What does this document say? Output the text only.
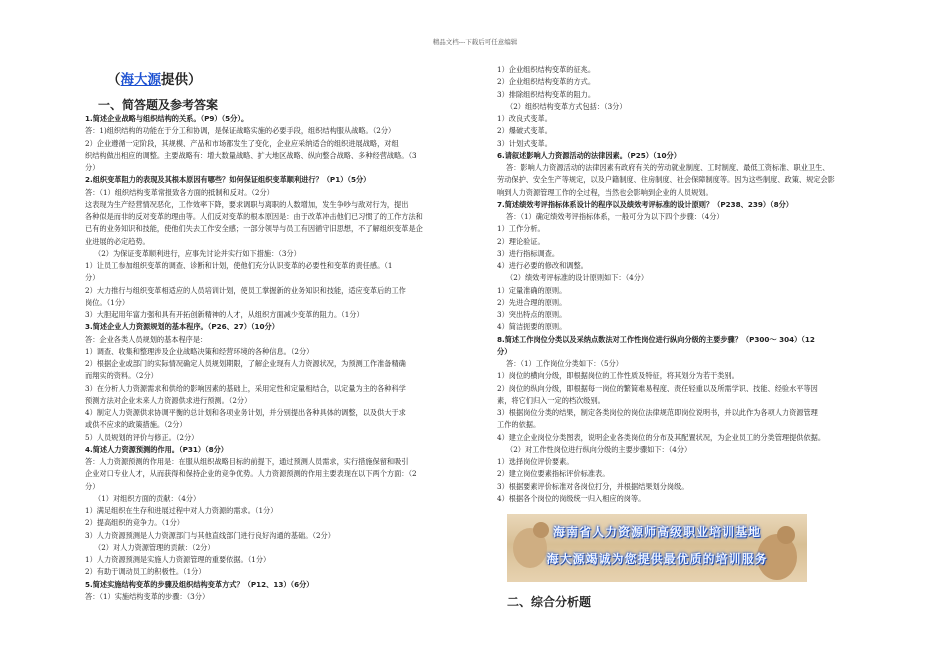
精品文档---下载后可任意编辑
（海大源提供）
一、简答题及参考答案
1.简述企业战略与组织结构的关系。（P9）（5分）。
答：1)组织结构的功能在于分工和协调，是保证战略实施的必要手段，组织结构服从战略。（2分）
2）企业遵循一定阶段，其规模、产品和市场都发生了变化，企业应采纳适合的组织进展战略，对组
织结构做出相应的调整。主要战略有：增大数量战略、扩大地区战略、纵向整合战略、多种经营战略。（3
分）
2.组织变革阻力的表现及其根本原因有哪些？如何保证组织变革顺利进行？（P1）（5分）
答：（1）组织结构变革常报致各方面的抵制和反对。（2分）
这表现为生产经营情况恶化，工作效率下降，要求调职与离职的人数增加，发生争吵与敌对行为，提出
各种似是而非的反对变革的理由等。人们反对变革的根本原因是：由于改革冲击他们已习惯了的工作方法和
已有的业务知识和技能，使他们失去工作安全感；一部分领导与员工有因循守旧思想，不了解组织变革是企
业进展的必定趋势。
（2）为保证变革顺利进行，应事先讨论并实行如下措施：（3分）
1）让员工参加组织变革的调查、诊断和计划，使他们充分认识变革的必要性和变革的责任感。（1
分）
2）大力推行与组织变革相适应的人员培训计划，使员工掌握新的业务知识和技能，适应变革后的工作
岗位。（1分）
3）大胆起用年富力强和具有开拓创新精神的人才，从组织方面减少变革的阻力。（1分）
3.简述企业人力资源规划的基本程序。（P26、27）（10分）
答：企业各类人员规划的基本程序是：
1）调查、收集和整理涉及企业战略决策和经营环境的各种信息。（2分）
2）根据企业或部门的实际情况确定人员规划期限，了解企业现有人力资源状况，为预测工作准备精确
而翔实的资料。（2分）
3）在分析人力资源需求和供给的影响因素的基础上，采用定性和定量相结合，以定量为主的各种科学
预测方法对企业未来人力资源供求进行预测。（2分）
4）制定人力资源供求协调平衡的总计划和各项业务计划，并分别提出各种具体的调整，以及供大于求
或供不应求的政策措施。（2分）
5）人员规划的评价与修正。（2分）
4.简述人力资源预测的作用。（P31）（8分）
答：人力资源预测的作用是：在服从组织战略目标的前提下，通过预测人员需求，实行措施保留和吸引
企业对口专业人才，从而获得和保持企业的竞争优势。人力资源预测的作用主要表现在以下两个方面：（2
分）
（1）对组织方面的贡献：（4分）
1）满足组织在生存和进展过程中对人力资源的需求。（1分）
2）提高组织的竞争力。（1分）
3）人力资源预测是人力资源部门与其他直线部门进行良好沟通的基础。（2分）
（2）对人力资源管理的贡献：（2分）
1）人力资源预测是实施人力资源管理的重要依据。（1分）
2）有助于调动员工的积极性。（1分）
5.简述实施结构变革的步骤及组织结构变革方式？（P12、13）（6分）
答：（1）实施结构变革的步骤：（3分）
1）企业组织结构变革的征兆。
2）企业组织结构变革的方式。
3）排除组织结构变革的阻力。
（2）组织结构变革方式包括：（3分）
1）改良式变革。
2）爆破式变革。
3）计划式变革。
6.请叙述影响人力资源活动的法律因素。（P25）（10分）
答：影响人力资源活动的法律因素有政府有关的劳动就业制度、工时制度、最低工资标准、职业卫生、
劳动保护、安全生产等规定，以及户籍制度、住房制度、社会保障制度等。因为这些制度、政策、规定会影
响到人力资源管理工作的全过程，当然也会影响到企业的人员规划。
7.简述绩效考评指标体系设计的程序以及绩效考评标准的设计原则？（P238、239）（8分）
答：（1）确定绩效考评指标体系，一般可分为以下四个步骤：（4分）
1）工作分析。
2）理论验证。
3）进行指标调查。
4）进行必要的修改和调整。
（2）绩效考评标准的设计原则如下：（4分）
1）定量准确的原则。
2）先进合理的原则。
3）突出特点的原则。
4）简洁扼要的原则。
8.简述工作岗位分类以及采纳点数法对工作性岗位进行纵向分级的主要步骤？（P300～ 304）（12
分）
答：（1）工作岗位分类如下：（5分）
1）岗位的横向分级，即根据岗位的工作性质及特征，将其划分为若干类别。
2）岗位的纵向分级，即根据每一岗位的繁简难易程度、责任轻重以及所需学识、技能、经验水平等因
素，将它们归入一定的档次级别。
3）根据岗位分类的结果，制定各类岗位的岗位法律规范即岗位说明书，并以此作为各项人力资源管理
工作的依据。
4）建立企业岗位分类图表，说明企业各类岗位的分布及其配置状况，为企业员工的分类管理提供依据。
（2）对工作性岗位进行纵向分级的主要步骤如下：（4分）
1）选择岗位评价要素。
2）建立岗位要素指标评价标准表。
3）根据要素评价标准对各岗位打分，并根据结果划分岗级。
4）根据各个岗位的岗级统一归入相应的岗等。
海南省人力资源师高级职业培训基地
海大源竭诚为您提供最优质的培训服务
二、综合分析题
